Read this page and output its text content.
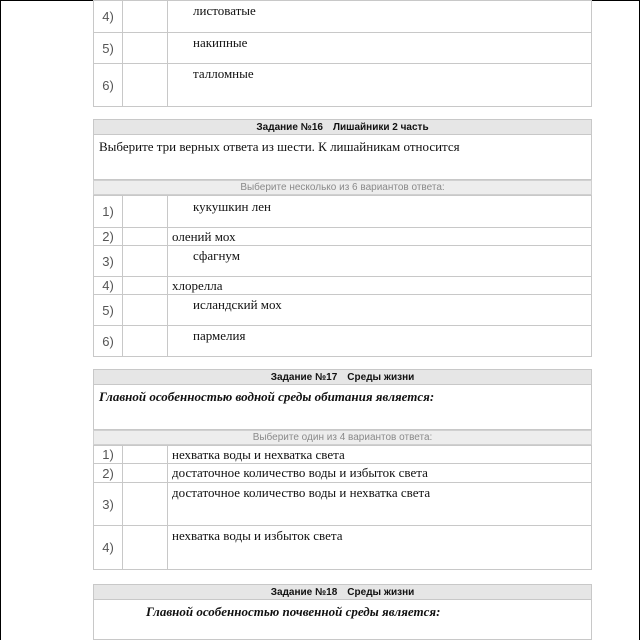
4)		листоватые

5)		накипные

6)		талломные
Задание №16 Лишайники 2 часть
Выберите три верных ответа из шести. К лишайникам относится
Выберите несколько из 6 вариантов ответа:
1)		кукушкин лен

2)		олений мох

3)		сфагнум

4)		хлорелла

5)		исландский мох

6)		пармелия
Задание №17 Среды жизни
Главной особенностью водной среды обитания является:
Выберите один из 4 вариантов ответа:
1)		нехватка воды и нехватка света

2)		достаточное количество воды и избыток света

3)		достаточное количество воды и нехватка света

4)		нехватка воды и избыток света
Задание №18 Среды жизни
Главной особенностью почвенной среды является:
